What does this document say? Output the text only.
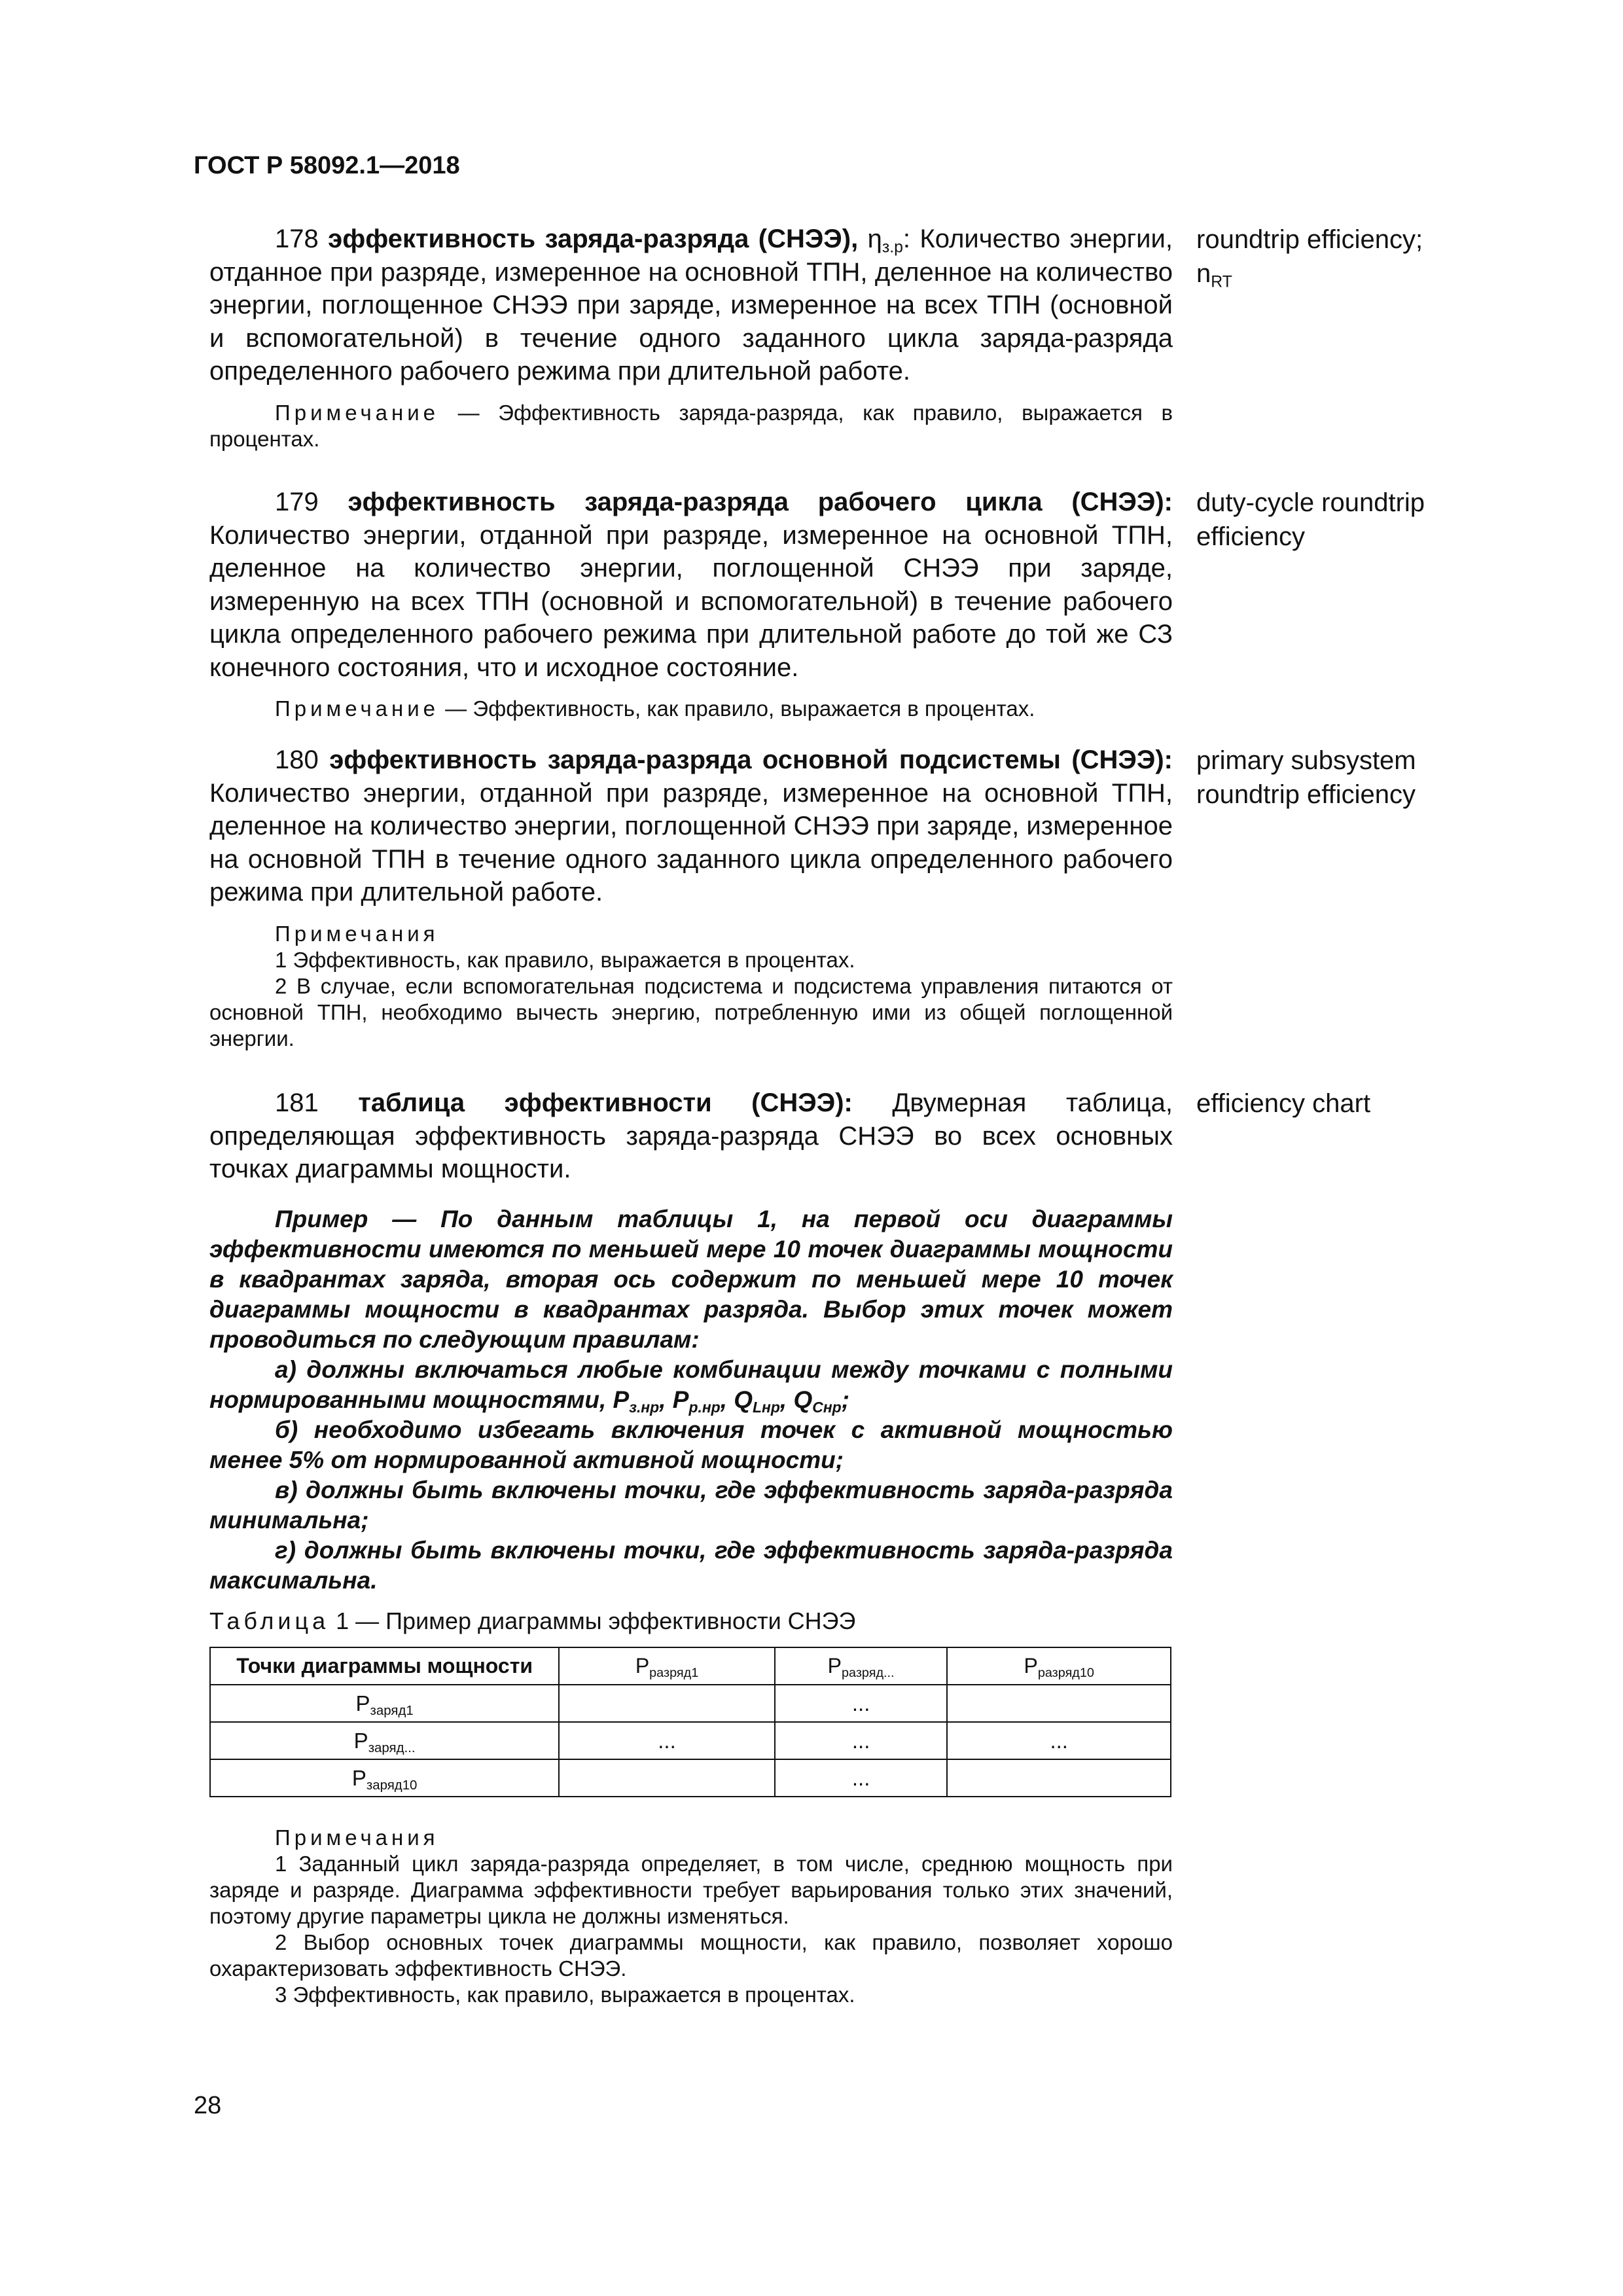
ГОСТ Р 58092.1—2018
178 эффективность заряда-разряда (СНЭЭ), $\eta_{з.р}$: Количество энергии, отданное при разряде, измеренное на основной ТПН, деленное на количество энергии, поглощенное СНЭЭ при заряде, измеренное на всех ТПН (основной и вспомогательной) в течение одного заданного цикла заряда-разряда определенного рабочего режима при длительной работе.
Примечание — Эффективность заряда-разряда, как правило, выражается в процентах.
roundtrip efficiency;
$n_{RT}$
179 эффективность заряда-разряда рабочего цикла (СНЭЭ): Количество энергии, отданной при разряде, измеренное на основной ТПН, деленное на количество энергии, поглощенной СНЭЭ при заряде, измеренную на всех ТПН (основной и вспомогательной) в течение рабочего цикла определенного рабочего режима при длительной работе до той же СЗ конечного состояния, что и исходное состояние.
Примечание — Эффективность, как правило, выражается в процентах.
duty-cycle roundtrip efficiency
180 эффективность заряда-разряда основной подсистемы (СНЭЭ): Количество энергии, отданной при разряде, измеренное на основной ТПН, деленное на количество энергии, поглощенной СНЭЭ при заряде, измеренное на основной ТПН в течение одного заданного цикла определенного рабочего режима при длительной работе.
Примечания
1 Эффективность, как правило, выражается в процентах.
2 В случае, если вспомогательная подсистема и подсистема управления питаются от основной ТПН, необходимо вычесть энергию, потребленную ими из общей поглощенной энергии.
primary subsystem roundtrip efficiency
181 таблица эффективности (СНЭЭ): Двумерная таблица, определяющая эффективность заряда-разряда СНЭЭ во всех основных точках диаграммы мощности.
efficiency chart
Пример — По данным таблицы 1, на первой оси диаграммы эффективности имеются по меньшей мере 10 точек диаграммы мощности в квадрантах заряда, вторая ось содержит по меньшей мере 10 точек диаграммы мощности в квадрантах разряда. Выбор этих точек может проводиться по следующим правилам:
а) должны включаться любые комбинации между точками с полными нормированными мощностями, $P_{з.нр}$, $P_{р.нр}$, $Q_{Lнр}$, $Q_{Cнр}$;
б) необходимо избегать включения точек с активной мощностью менее 5% от нормированной активной мощности;
в) должны быть включены точки, где эффективность заряда-разряда минимальна;
г) должны быть включены точки, где эффективность заряда-разряда максимальна.
Таблица 1 — Пример диаграммы эффективности СНЭЭ
Точки диаграммы мощности	$P_{разряд1}$	$P_{разряд...}$	$P_{разряд10}$
$P_{заряд1}$		...	
$P_{заряд...}$	...	...	...
$P_{заряд10}$		...	
Примечания
1 Заданный цикл заряда-разряда определяет, в том числе, среднюю мощность при заряде и разряде. Диаграмма эффективности требует варьирования только этих значений, поэтому другие параметры цикла не должны изменяться.
2 Выбор основных точек диаграммы мощности, как правило, позволяет хорошо охарактеризовать эффективность СНЭЭ.
3 Эффективность, как правило, выражается в процентах.
28
